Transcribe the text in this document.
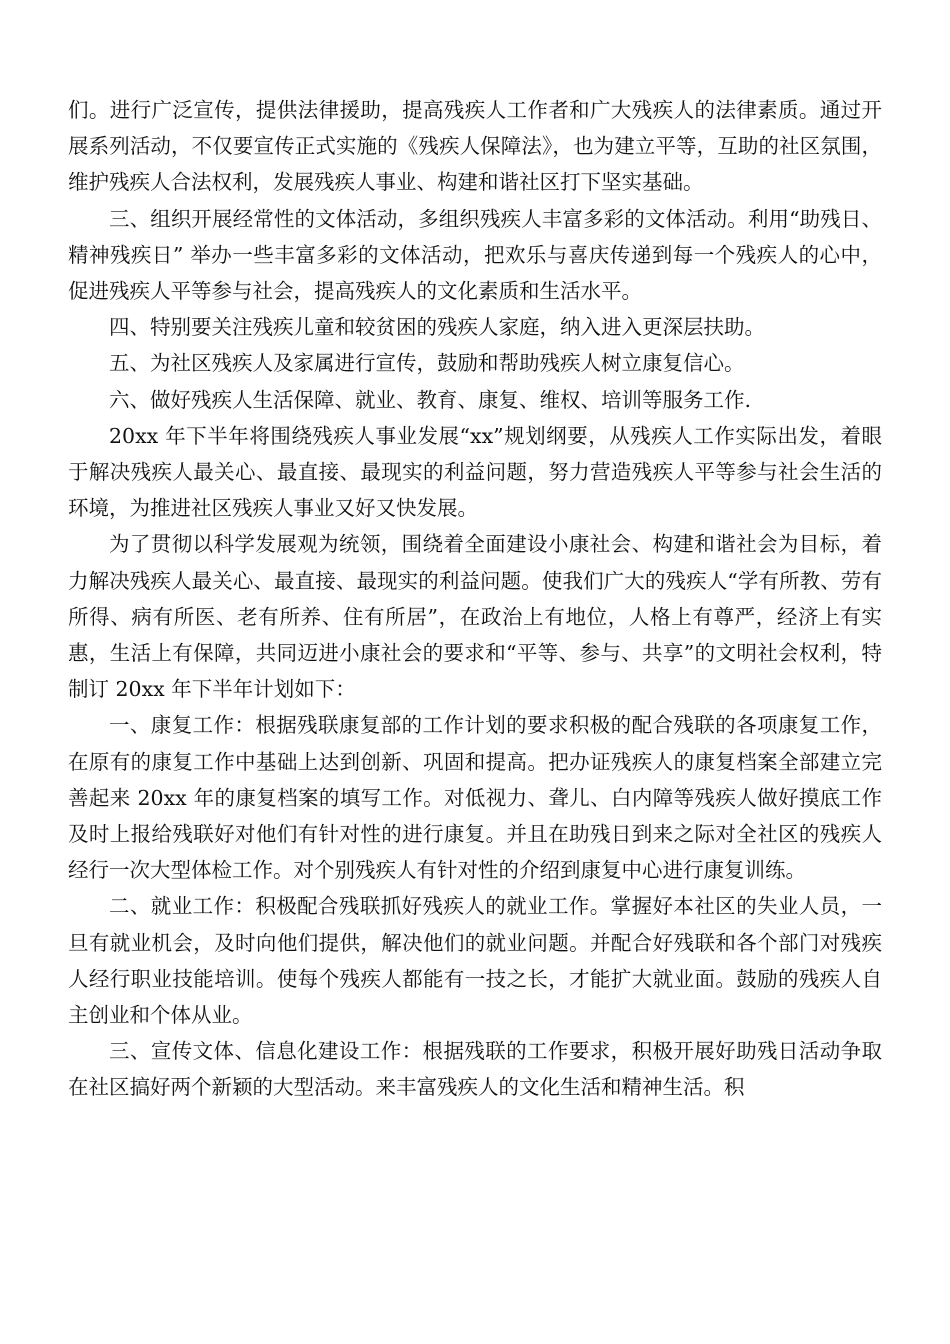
们。进行广泛宣传，提供法律援助，提高残疾人工作者和广大残疾人的法律素质。通过开展系列活动，不仅要宣传正式实施的《残疾人保障法》，也为建立平等，互助的社区氛围，维护残疾人合法权利，发展残疾人事业、构建和谐社区打下坚实基础。

三、组织开展经常性的文体活动，多组织残疾人丰富多彩的文体活动。利用“助残日、精神残疾日” 举办一些丰富多彩的文体活动，把欢乐与喜庆传递到每一个残疾人的心中，促进残疾人平等参与社会，提高残疾人的文化素质和生活水平。

四、特别要关注残疾儿童和较贫困的残疾人家庭，纳入进入更深层扶助。

五、为社区残疾人及家属进行宣传，鼓励和帮助残疾人树立康复信心。

六、做好残疾人生活保障、就业、教育、康复、维权、培训等服务工作.

20xx 年下半年将围绕残疾人事业发展“xx”规划纲要，从残疾人工作实际出发，着眼于解决残疾人最关心、最直接、最现实的利益问题，努力营造残疾人平等参与社会生活的环境，为推进社区残疾人事业又好又快发展。

为了贯彻以科学发展观为统领，围绕着全面建设小康社会、构建和谐社会为目标，着力解决残疾人最关心、最直接、最现实的利益问题。使我们广大的残疾人“学有所教、劳有所得、病有所医、老有所养、住有所居”，在政治上有地位，人格上有尊严，经济上有实惠，生活上有保障，共同迈进小康社会的要求和“平等、参与、共享”的文明社会权利，特制订 20xx 年下半年计划如下：

一、康复工作：根据残联康复部的工作计划的要求积极的配合残联的各项康复工作，在原有的康复工作中基础上达到创新、巩固和提高。把办证残疾人的康复档案全部建立完善起来 20xx 年的康复档案的填写工作。对低视力、聋儿、白内障等残疾人做好摸底工作及时上报给残联好对他们有针对性的进行康复。并且在助残日到来之际对全社区的残疾人经行一次大型体检工作。对个别残疾人有针对性的介绍到康复中心进行康复训练。

二、就业工作：积极配合残联抓好残疾人的就业工作。掌握好本社区的失业人员，一旦有就业机会，及时向他们提供，解决他们的就业问题。并配合好残联和各个部门对残疾人经行职业技能培训。使每个残疾人都能有一技之长，才能扩大就业面。鼓励的残疾人自主创业和个体从业。

三、宣传文体、信息化建设工作：根据残联的工作要求，积极开展好助残日活动争取在社区搞好两个新颖的大型活动。来丰富残疾人的文化生活和精神生活。积
